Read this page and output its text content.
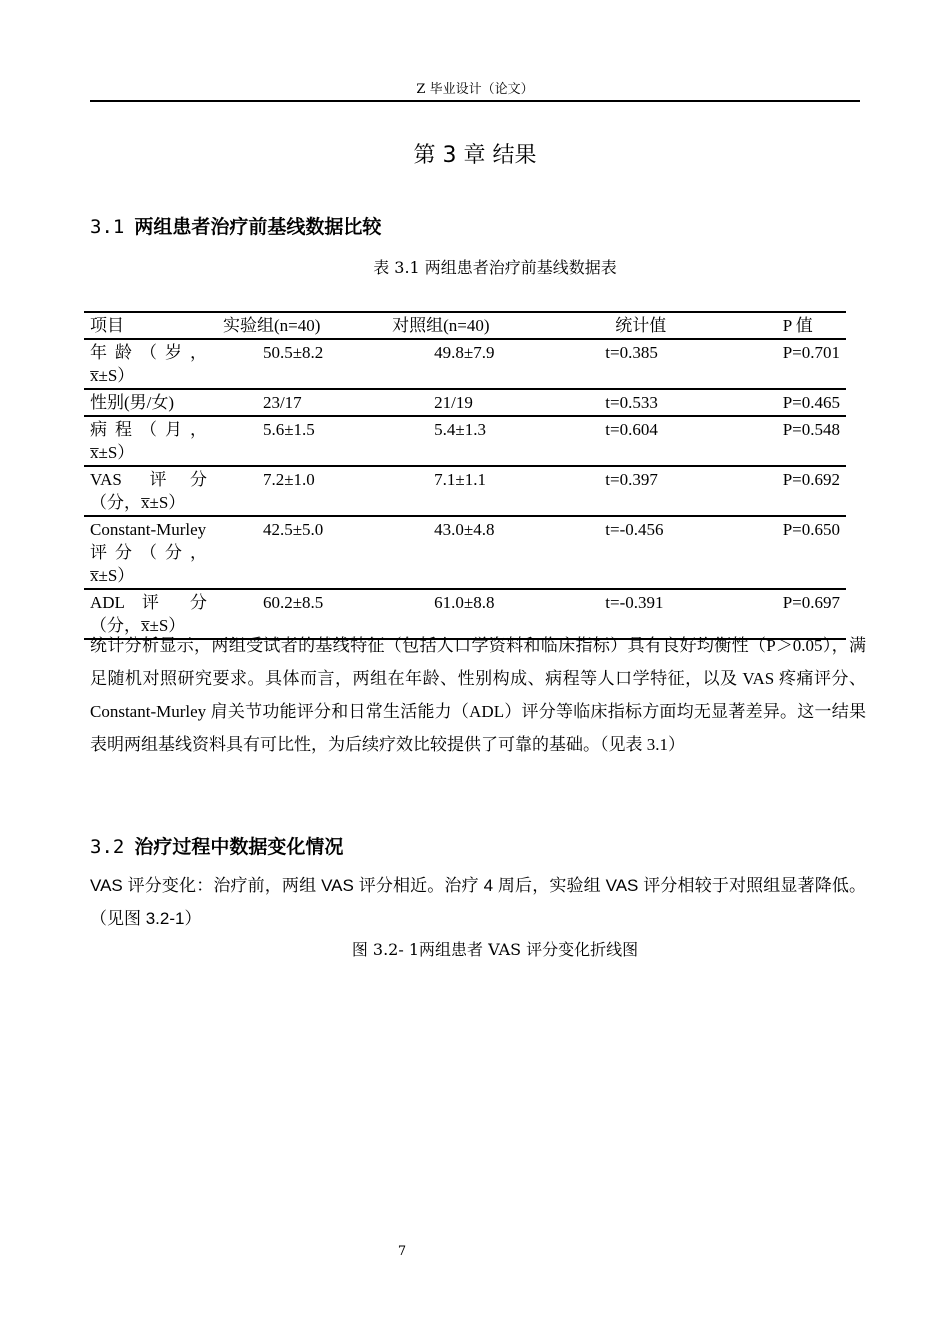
Z 毕业设计（论文）
第 3 章 结果
3.1 两组患者治疗前基线数据比较
表 3.1 两组患者治疗前基线数据表
项目	实验组(n=40)	对照组(n=40)	统计值	P 值
年 龄 （ 岁 ， x̅±S）	50.5±8.2	49.8±7.9	t=0.385	P=0.701
性别(男/女)	23/17	21/19	t=0.533	P=0.465
病 程 （ 月 ， x̅±S）	5.6±1.5	5.4±1.3	t=0.604	P=0.548
VAS 评分（分，x̅±S）	7.2±1.0	7.1±1.1	t=0.397	P=0.692
Constant-Murley 评 分 （ 分 ， x̅±S）	42.5±5.0	43.0±4.8	t=-0.456	P=0.650
ADL 评 分 （分，x̅±S）	60.2±8.5	61.0±8.8	t=-0.391	P=0.697
统计分析显示，两组受试者的基线特征（包括人口学资料和临床指标）具有良好均衡性（P＞0.05），满足随机对照研究要求。具体而言，两组在年龄、性别构成、病程等人口学特征，以及 VAS 疼痛评分、Constant-Murley 肩关节功能评分和日常生活能力（ADL）评分等临床指标方面均无显著差异。这一结果表明两组基线资料具有可比性，为后续疗效比较提供了可靠的基础。（见表 3.1）
3.2 治疗过程中数据变化情况
VAS 评分变化：治疗前，两组 VAS 评分相近。治疗 4 周后，实验组 VAS 评分相较于对照组显著降低。（见图 3.2-1）
图 3.2- 1两组患者 VAS 评分变化折线图
7
